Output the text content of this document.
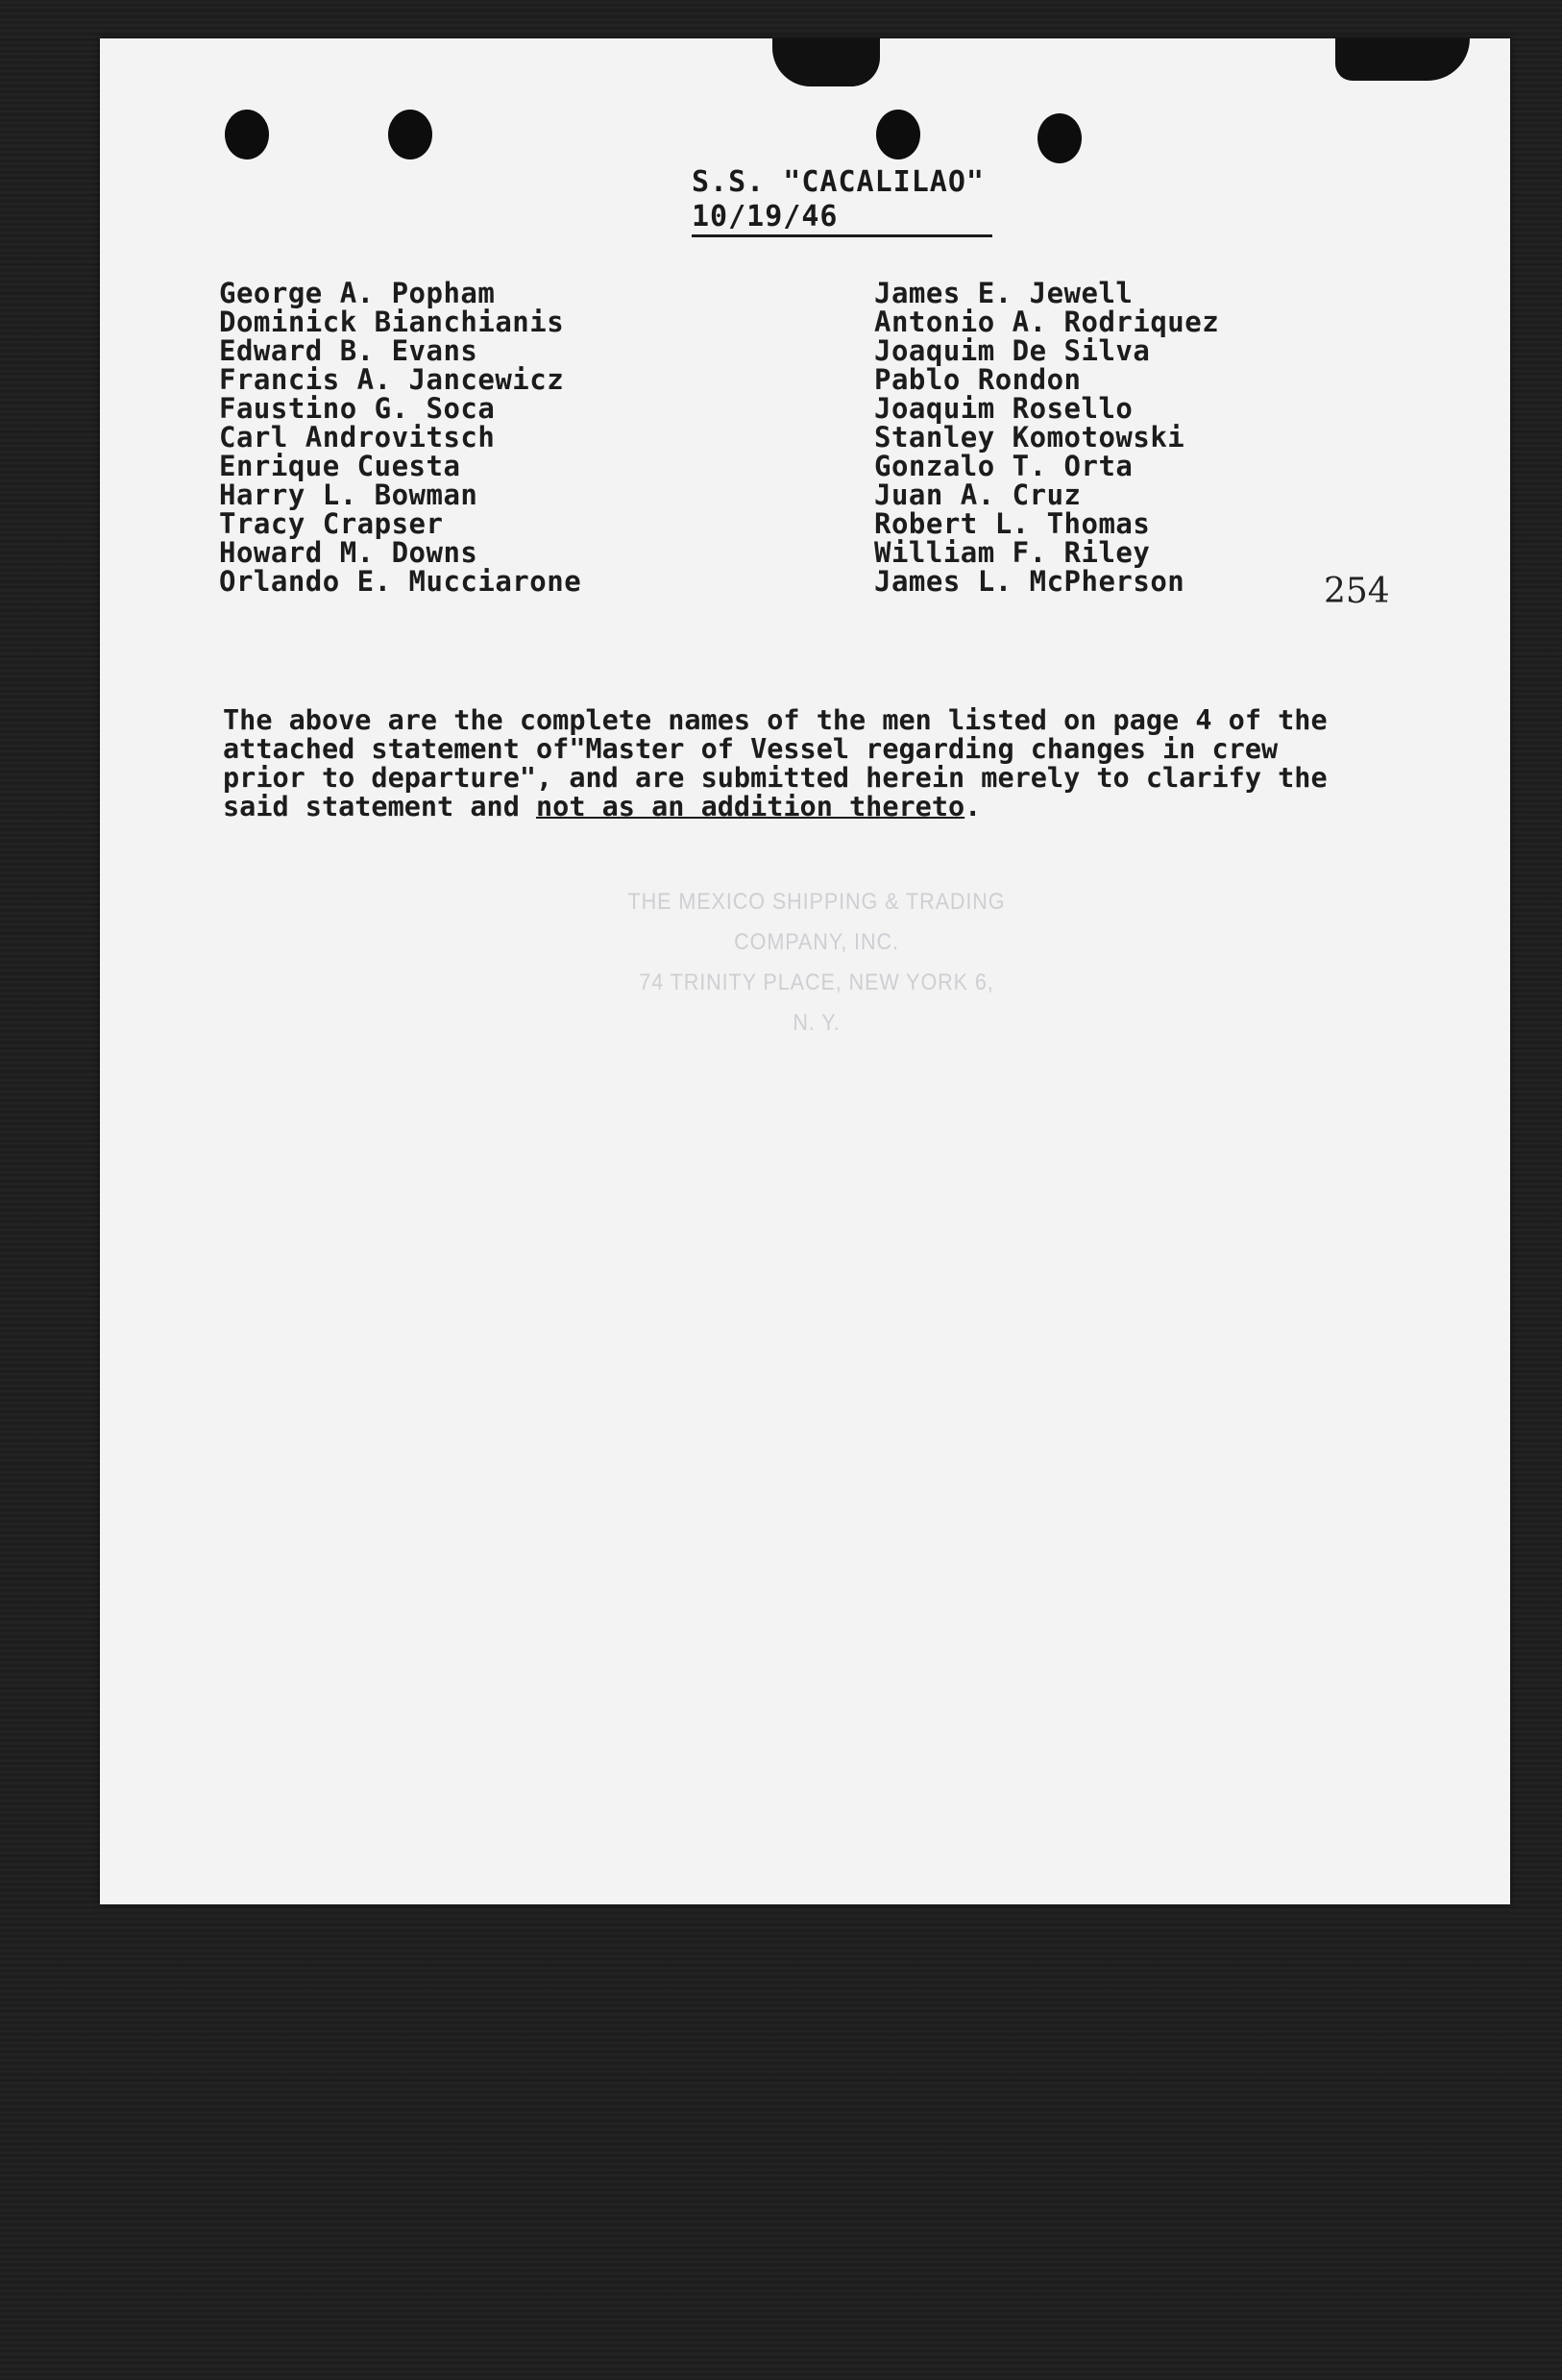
S.S. "CACALILAO"
10/19/46
George A. Popham
Dominick Bianchianis
Edward B. Evans
Francis A. Jancewicz
Faustino G. Soca
Carl Androvitsch
Enrique Cuesta
Harry L. Bowman
Tracy Crapser
Howard M. Downs
Orlando E. Mucciarone
James E. Jewell
Antonio A. Rodriquez
Joaquim De Silva
Pablo Rondon
Joaquim Rosello
Stanley Komotowski
Gonzalo T. Orta
Juan A. Cruz
Robert L. Thomas
William F. Riley
James L. McPherson	254
The above are the complete names of the men listed on page 4 of the
attached statement of"Master of Vessel regarding changes in crew
prior to departure", and are submitted herein merely to clarify the
said statement and not as an addition thereto.
THE MEXICO SHIPPING & TRADING COMPANY, INC.
74 TRINITY PLACE, NEW YORK 6, N. Y.
